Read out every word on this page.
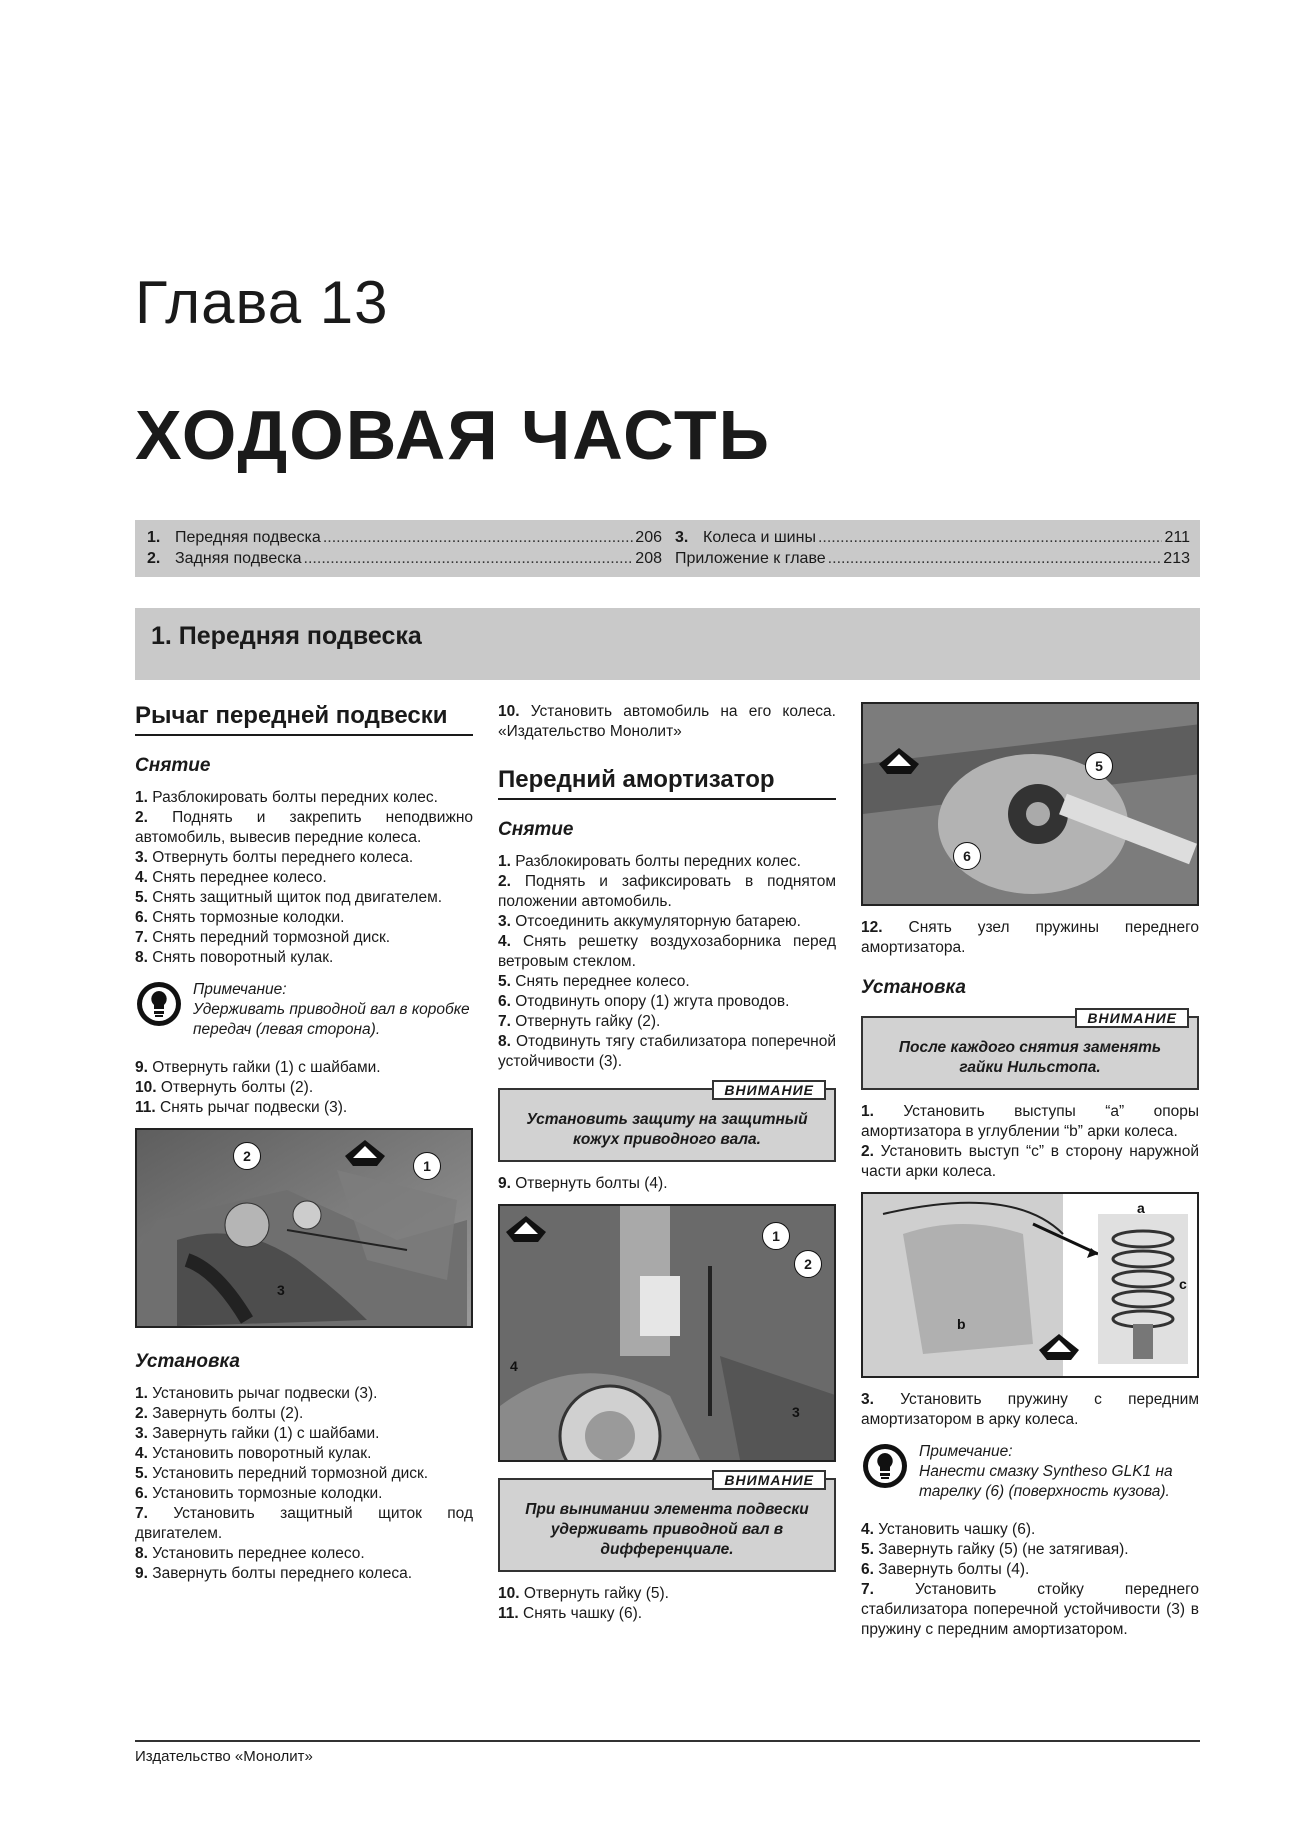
Глава 13
ХОДОВАЯ ЧАСТЬ
1. Передняя подвеска .....	206
2. Задняя подвеска .....	208
3. Колеса и шины .....	211
Приложение к главе .....	213
1. Передняя подвеска
Рычаг передней подвески
Снятие

1. Разблокировать болты передних колес.

2. Поднять и закрепить неподвижно автомобиль, вывесив передние колеса.

3. Отвернуть болты переднего колеса.

4. Снять переднее колесо.

5. Снять защитный щиток под двигателем.

6. Снять тормозные колодки.

7. Снять передний тормозной диск.

8. Снять поворотный кулак.

Примечание:
Удерживать приводной вал в коробке передач (левая сторона).

9. Отвернуть гайки (1) с шайбами.

10. Отвернуть болты (2).

11. Снять рычаг подвески (3).

2
1
3
Установка

1. Установить рычаг подвески (3).

2. Завернуть болты (2).

3. Завернуть гайки (1) с шайбами.

4. Установить поворотный кулак.

5. Установить передний тормозной диск.

6. Установить тормозные колодки.

7. Установить защитный щиток под двигателем.

8. Установить переднее колесо.

9. Завернуть болты переднего колеса.

10. Установить автомобиль на его колеса. «Издательство Монолит»

Передний амортизатор
Снятие

1. Разблокировать болты передних колес.

2. Поднять и зафиксировать в поднятом положении автомобиль.

3. Отсоединить аккумуляторную батарею.

4. Снять решетку воздухозаборника перед ветровым стеклом.

5. Снять переднее колесо.

6. Отодвинуть опору (1) жгута проводов.

7. Отвернуть гайку (2).

8. Отодвинуть тягу стабилизатора поперечной устойчивости (3).

ВНИМАНИЕ
Установить защиту на защитный кожух приводного вала.

9. Отвернуть болты (4).

1
2
3
4
ВНИМАНИЕ
При вынимании элемента подвески удерживать приводной вал в дифференциале.

10. Отвернуть гайку (5).

11. Снять чашку (6).

5
6

12. Снять узел пружины переднего амортизатора.

Установка
ВНИМАНИЕ
После каждого снятия заменять гайки Нильстопа.

1. Установить выступы “a” опоры амортизатора в углублении “b” арки колеса.

2. Установить выступ “c” в сторону наружной части арки колеса.

a
b
c

3. Установить пружину с передним амортизатором в арку колеса.

Примечание:
Нанести смазку Syntheso GLK1 на тарелку (6) (поверхность кузова).

4. Установить чашку (6).

5. Завернуть гайку (5) (не затягивая).

6. Завернуть болты (4).

7.	Установить стойку переднего стабилизатора поперечной устойчивости (3) в пружину с передним амортизатором.

Издательство «Монолит»
